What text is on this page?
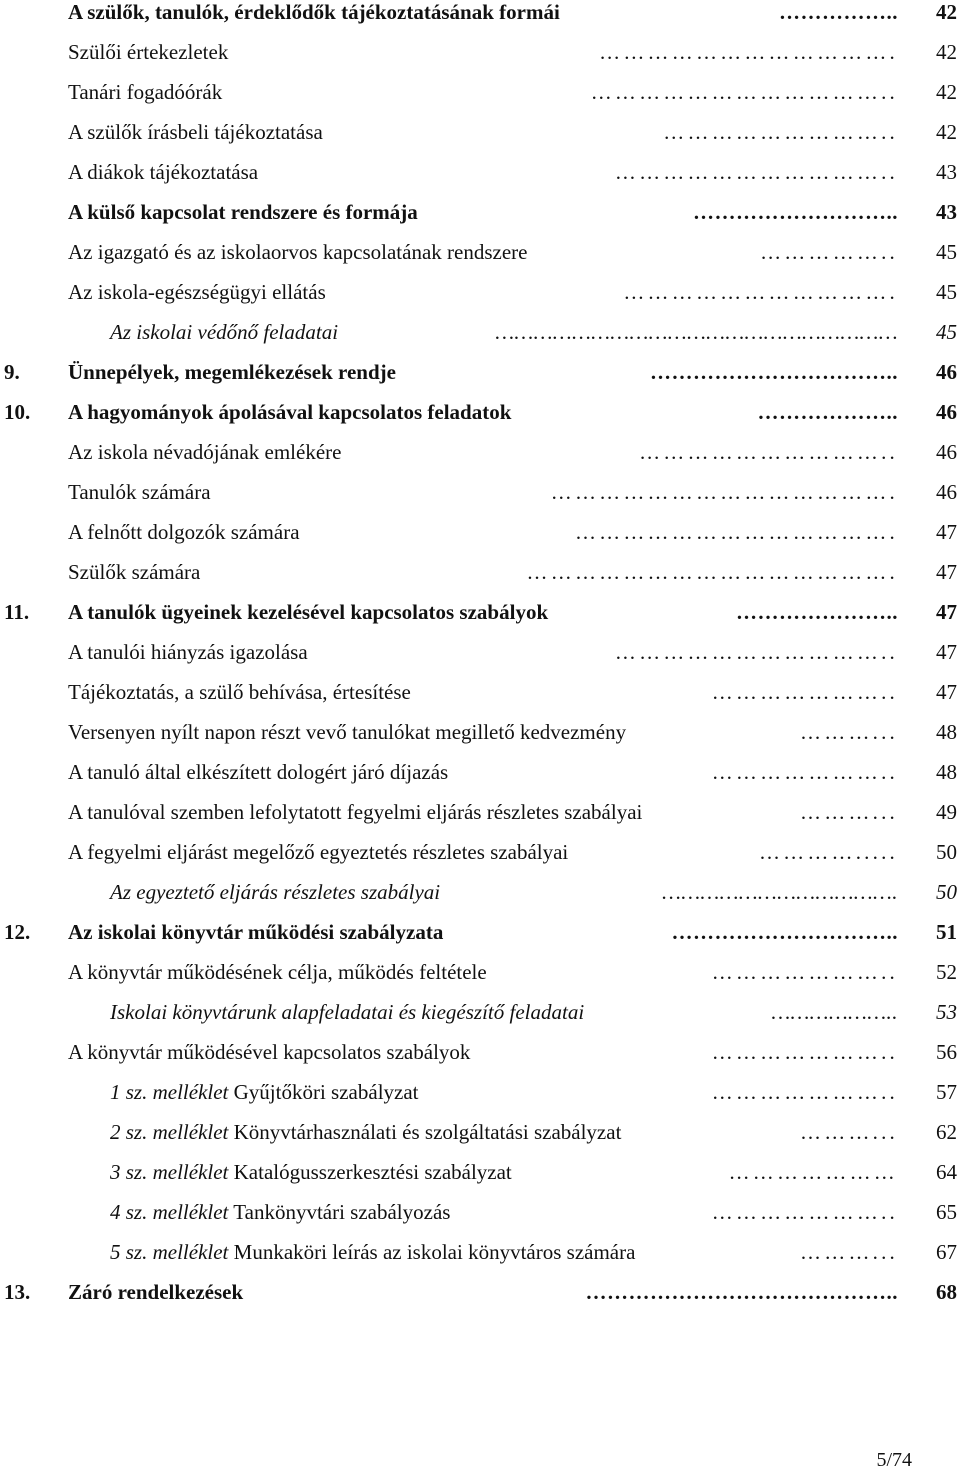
A szülők, tanulók, érdeklődők tájékoztatásának formái	…………….. 42
Szülői értekezletek	………………………………. 42
Tanári fogadóórák	……………………………….. 42
A szülők írásbeli tájékoztatása	……………………….. 42
A diákok tájékoztatása	…………………………….. 43
A külső kapcsolat rendszere és formája	……………………….. 43
Az igazgató és az iskolaorvos kapcsolatának rendszere	…………….. 45
Az iskola-egészségügyi ellátás	……………………………. 45
Az iskolai védőnő feladatai	……………………………………………………… 45
9. Ünnepélyek, megemlékezések rendje	…………………………….. 46
10. A hagyományok ápolásával kapcsolatos feladatok	……………….. 46
Az iskola névadójának emlékére	………………………….. 46
Tanulók számára	……………………………………. 46
A felnőtt dolgozók számára	…………………………………. 47
Szülők számára	………………………………………. 47
11. A tanulók ügyeinek kezelésével kapcsolatos szabályok	………………….. 47
A tanulói hiányzás igazolása	…………………………….. 47
Tájékoztatás, a szülő behívása, értesítése	………………….. 47
Versenyen nyílt napon részt vevő tanulókat megillető kedvezmény	………... 48
A tanuló által elkészített dologért járó díjazás	………………….. 48
A tanulóval szemben lefolytatott fegyelmi eljárás részletes szabályai	………... 49
A fegyelmi eljárást megelőző egyeztetés részletes szabályai	…………..... 50
Az egyeztető eljárás részletes szabályai	………………………………. 50
12. Az iskolai könyvtár működési szabályzata	………………………….. 51
A könyvtár működésének célja, működés feltétele	………………….. 52
Iskolai könyvtárunk alapfeladatai és kiegészítő feladatai	……………….. 53
A könyvtár működésével kapcsolatos szabályok	………………….. 56
1 sz. melléklet Gyűjtőköri szabályzat	………………….. 57
2 sz. melléklet Könyvtárhasználati és szolgáltatási szabályzat	………... 62
3 sz. melléklet Katalógusszerkesztési szabályzat	………………… 64
4 sz. melléklet Tankönyvtári szabályozás	………………….. 65
5 sz. melléklet Munkaköri leírás az iskolai könyvtáros számára	………... 67
13. Záró rendelkezések	…………………………………….. 68
5/74
